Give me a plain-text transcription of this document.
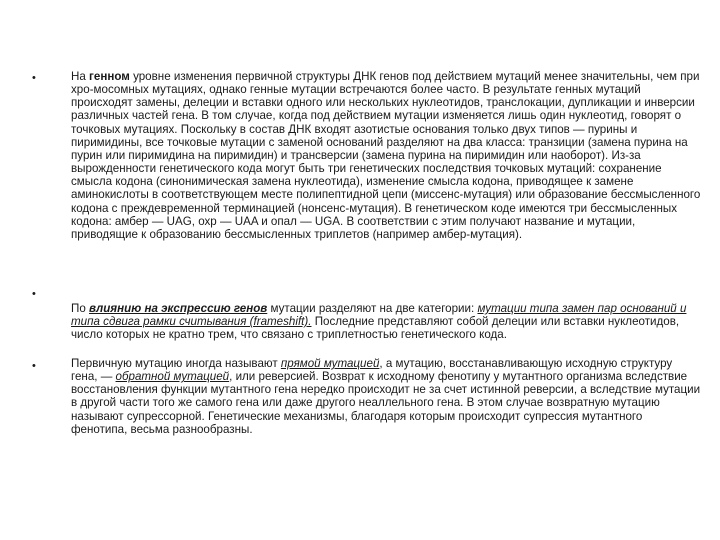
•	На генном уровне изменения первичной структуры ДНК генов под действием мутаций менее значительны, чем при хро-мосомных мутациях, однако генные мутации встречаются более часто. В результате генных мутаций происходят замены, делеции и вставки одного или нескольких нуклеотидов, транслокации, дупликации и инверсии различных частей гена. В том случае, когда под действием мутации изменяется лишь один нуклеотид, говорят о точковых мутациях. Поскольку в состав ДНК входят азотистые основания только двух типов — пурины и пиримидины, все точковые мутации с заменой оснований разделяют на два класса: транзиции (замена пурина на пурин или пиримидина на пиримидин) и трансверсии (замена пурина на пиримидин или наоборот). Из-за вырожденности генетического кода могут быть три генетических последствия точковых мутаций: сохранение смысла кодона (синонимическая замена нуклеотида), изменение смысла кодона, приводящее к замене аминокислоты в соответствующем месте полипептидной цепи (миссенс-мутация) или образование бессмысленного кодона с преждевременной терминацией (нонсенс-мутация). В генетическом коде имеются три бессмысленных кодона: амбер — UAG, охр — UAA и опал — UGA. В соответствии с этим получают название и мутации, приводящие к образованию бессмысленных триплетов (например амбер-мутация).
•
По влиянию на экспрессию генов мутации разделяют на две категории: мутации типа замен пар оснований и типа сдвига рамки считывания (frameshift). Последние представляют собой делеции или вставки нуклеотидов, число которых не кратно трем, что связано с триплетностью генетического кода.
•	Первичную мутацию иногда называют прямой мутацией, а мутацию, восстанавливающую исходную структуру гена, — обратной мутацией, или реверсией. Возврат к исходному фенотипу у мутантного организма вследствие восстановления функции мутантного гена нередко происходит не за счет истинной реверсии, а вследствие мутации в другой части того же самого гена или даже другого неаллельного гена. В этом случае возвратную мутацию называют супрессорной. Генетические механизмы, благодаря которым происходит супрессия мутантного фенотипа, весьма разнообразны.
